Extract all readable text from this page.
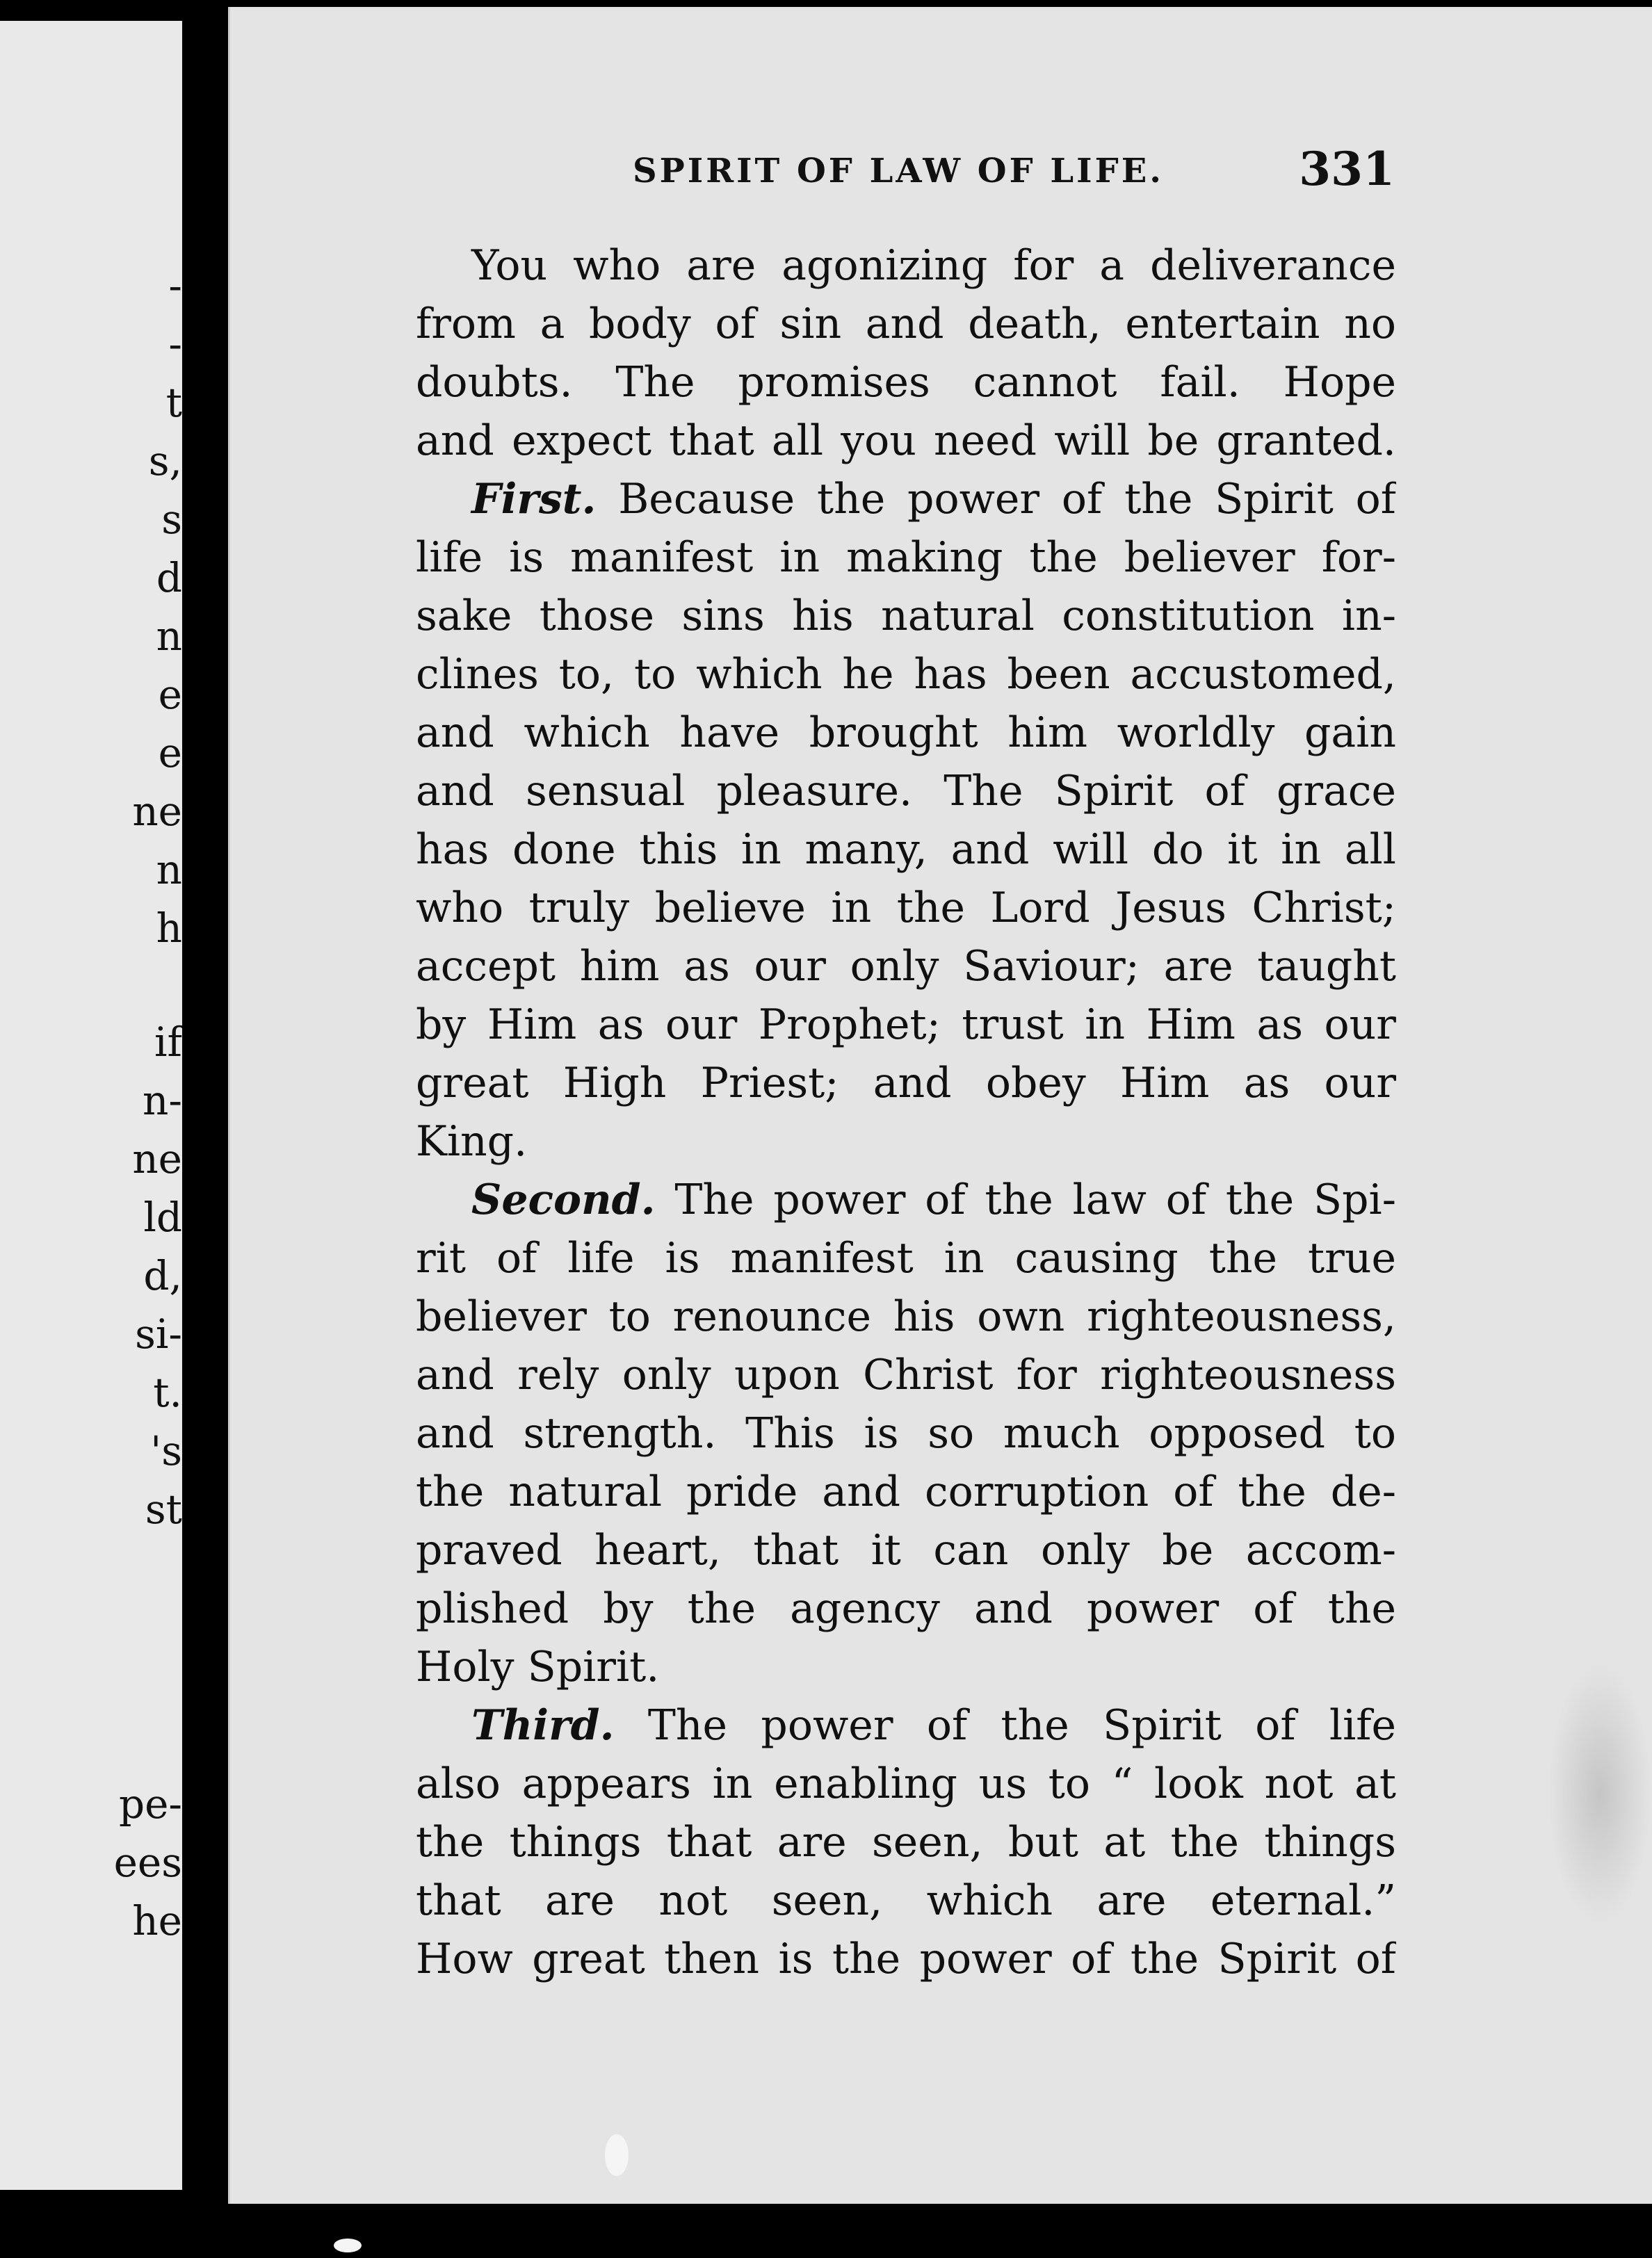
-
-
t
s,
s
d
n
e
e
ne
n
h
if
n-
ne
ld
d,
si-
t.
's
st
pe-
ees
he
SPIRIT OF LAW OF LIFE.	331
You who are agonizing for a deliverance
from a body of sin and death, entertain no
doubts. The promises cannot fail. Hope
and expect that all you need will be granted.
First. Because the power of the Spirit of
life is manifest in making the believer for-
sake those sins his natural constitution in-
clines to, to which he has been accustomed,
and which have brought him worldly gain
and sensual pleasure. The Spirit of grace
has done this in many, and will do it in all
who truly believe in the Lord Jesus Christ;
accept him as our only Saviour; are taught
by Him as our Prophet; trust in Him as our
great High Priest; and obey Him as our
King.
Second. The power of the law of the Spi-
rit of life is manifest in causing the true
believer to renounce his own righteousness,
and rely only upon Christ for righteousness
and strength. This is so much opposed to
the natural pride and corruption of the de-
praved heart, that it can only be accom-
plished by the agency and power of the
Holy Spirit.
Third. The power of the Spirit of life
also appears in enabling us to “ look not at
the things that are seen, but at the things
that are not seen, which are eternal.”
How great then is the power of the Spirit of
